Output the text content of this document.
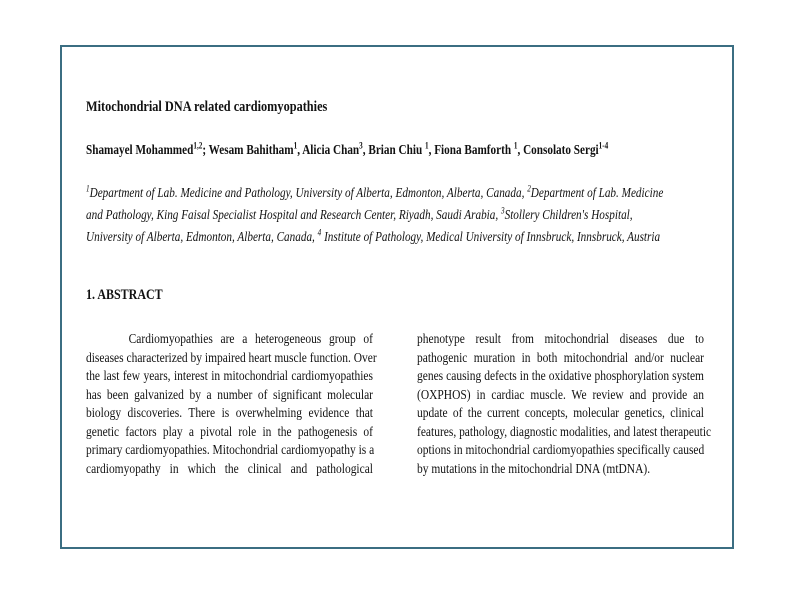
Mitochondrial DNA related cardiomyopathies
Shamayel Mohammed$^{1,2}$; Wesam Bahitham$^1$, Alicia Chan$^3$, Brian Chiu $^1$, Fiona Bamforth $^1$, Consolato Sergi$^{1-4}$
$^1$Department of Lab. Medicine and Pathology, University of Alberta, Edmonton, Alberta, Canada, $^2$Department of Lab. Medicine
and Pathology, King Faisal Specialist Hospital and Research Center, Riyadh, Saudi Arabia, $^3$Stollery Children's Hospital,
University of Alberta, Edmonton, Alberta, Canada, $^4$ Institute of Pathology, Medical University of Innsbruck, Innsbruck, Austria
1. ABSTRACT
Cardiomyopathies are a heterogeneous group of
diseases characterized by impaired heart muscle function. Over
the last few years, interest in mitochondrial cardiomyopathies
has been galvanized by a number of significant molecular
biology discoveries. There is overwhelming evidence that
genetic factors play a pivotal role in the pathogenesis of
primary cardiomyopathies. Mitochondrial cardiomyopathy is a
cardiomyopathy in which the clinical and pathological
phenotype result from mitochondrial diseases due to
pathogenic muration in both mitochondrial and/or nuclear
genes causing defects in the oxidative phosphorylation system
(OXPHOS) in cardiac muscle. We review and provide an
update of the current concepts, molecular genetics, clinical
features, pathology, diagnostic modalities, and latest therapeutic
options in mitochondrial cardiomyopathies specifically caused
by mutations in the mitochondrial DNA (mtDNA).
